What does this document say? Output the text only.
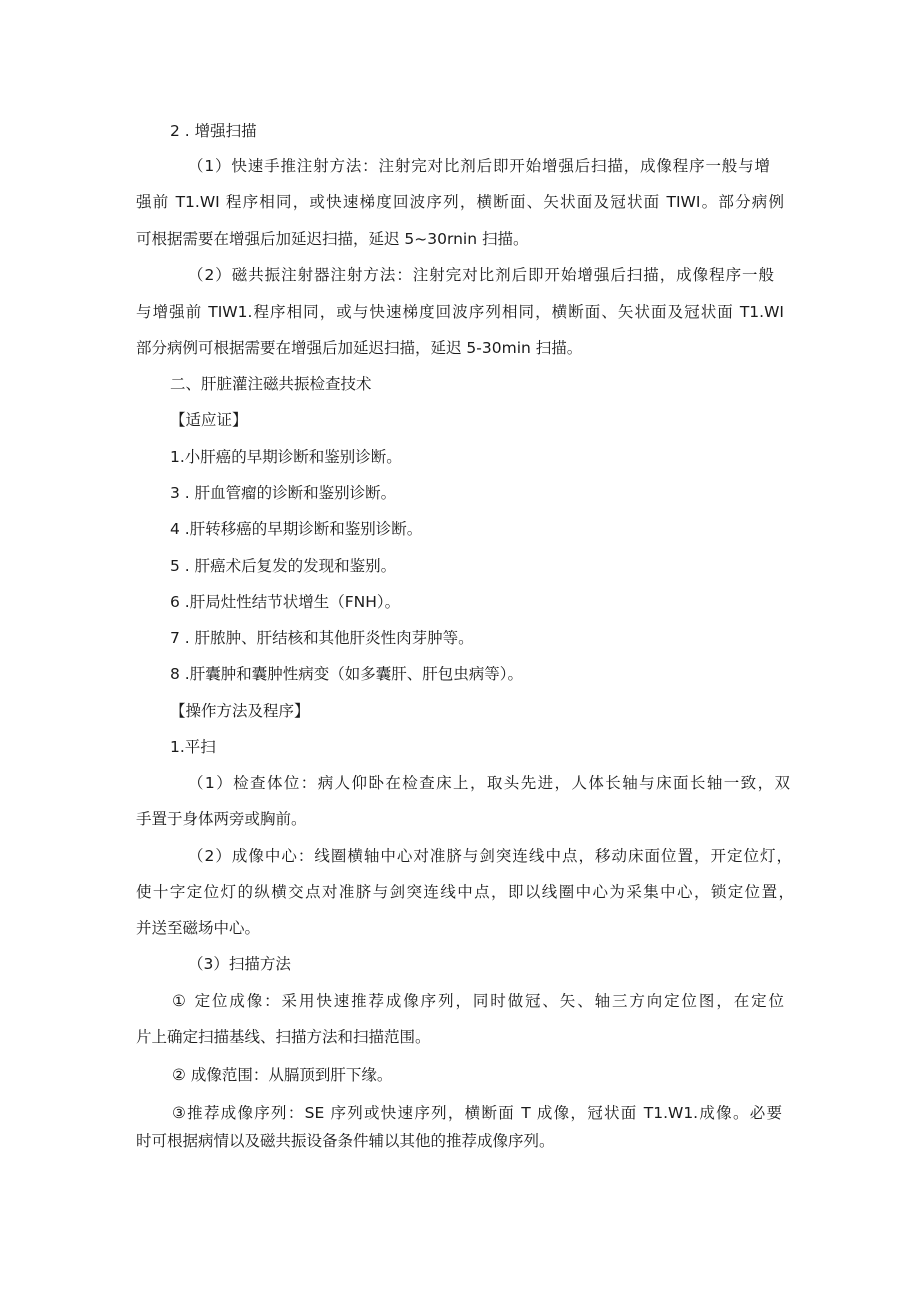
2 . 增强扫描

（1）快速手推注射方法：注射完对比剂后即开始增强后扫描，成像程序一般与增

强前 T1.WI 程序相同，或快速梯度回波序列，横断面、矢状面及冠状面 TIWI。部分病例

可根据需要在增强后加延迟扫描，延迟 5~30rnin 扫描。

（2）磁共振注射器注射方法：注射完对比剂后即开始增强后扫描，成像程序一般

与增强前 TIW1.程序相同，或与快速梯度回波序列相同，横断面、矢状面及冠状面 T1.WI

部分病例可根据需要在增强后加延迟扫描，延迟 5-30min 扫描。

二、肝脏灌注磁共振检查技术

【适应证】

1.小肝癌的早期诊断和鉴别诊断。

3 . 肝血管瘤的诊断和鉴别诊断。

4 .肝转移癌的早期诊断和鉴别诊断。

5 . 肝癌术后复发的发现和鉴别。

6 .肝局灶性结节状增生（FNH）。

7 . 肝脓肿、肝结核和其他肝炎性肉芽肿等。

8 .肝囊肿和囊肿性病变（如多囊肝、肝包虫病等）。

【操作方法及程序】

1.平扫

（1）检查体位：病人仰卧在检查床上，取头先进，人体长轴与床面长轴一致，双

手置于身体两旁或胸前。

（2）成像中心：线圈横轴中心对准脐与剑突连线中点，移动床面位置，开定位灯，

使十字定位灯的纵横交点对准脐与剑突连线中点，即以线圈中心为采集中心，锁定位置，

并送至磁场中心。

（3）扫描方法

① 定位成像：采用快速推荐成像序列，同时做冠、矢、轴三方向定位图，在定位

片上确定扫描基线、扫描方法和扫描范围。

② 成像范围：从膈顶到肝下缘。

③推荐成像序列：SE 序列或快速序列，横断面 T 成像，冠状面 T1.W1.成像。必要

时可根据病情以及磁共振设备条件辅以其他的推荐成像序列。
